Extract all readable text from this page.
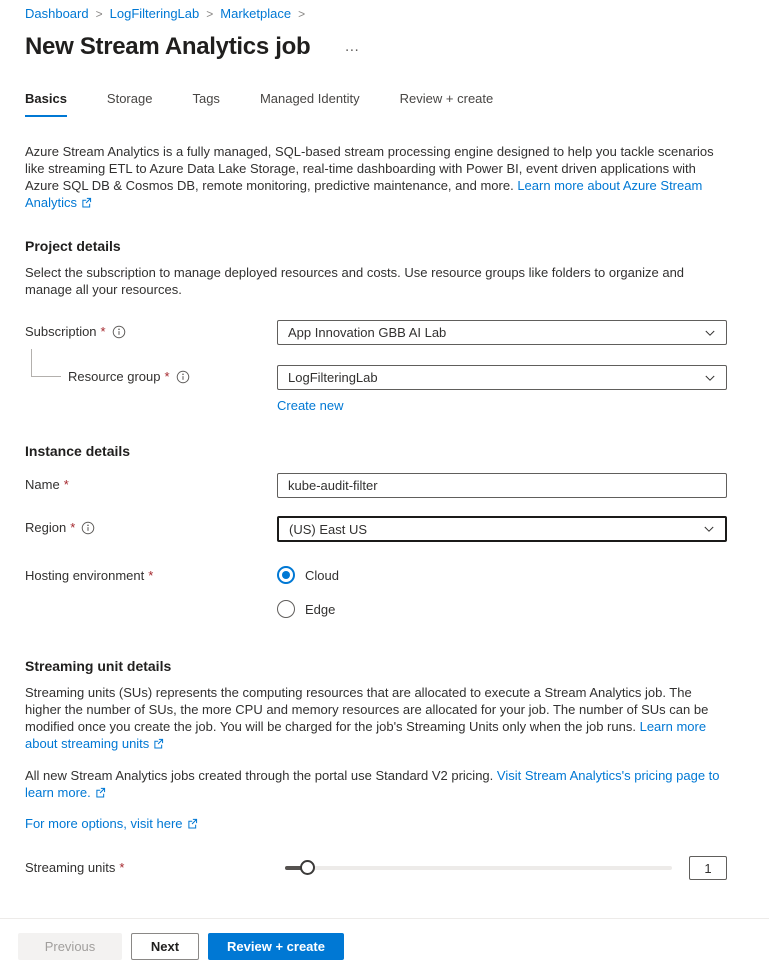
Dashboard > LogFilteringLab > Marketplace >
New Stream Analytics job …
Basics	Storage	Tags	Managed Identity	Review + create
Azure Stream Analytics is a fully managed, SQL-based stream processing engine designed to help you tackle scenarios like streaming ETL to Azure Data Lake Storage, real-time dashboarding with Power BI, event driven applications with Azure SQL DB & Cosmos DB, remote monitoring, predictive maintenance, and more. Learn more about Azure Stream Analytics
Project details
Select the subscription to manage deployed resources and costs. Use resource groups like folders to organize and manage all your resources.
Subscription *	App Innovation GBB AI Lab
Resource group *	LogFilteringLab
Create new
Instance details
Name *
kube-audit-filter
Region *	(US) East US
Hosting environment *	Cloud
Edge
Streaming unit details
Streaming units (SUs) represents the computing resources that are allocated to execute a Stream Analytics job. The higher the number of SUs, the more CPU and memory resources are allocated for your job. The number of SUs can be modified once you create the job. You will be charged for the job's Streaming Units only when the job runs. Learn more about streaming units
All new Stream Analytics jobs created through the portal use Standard V2 pricing. Visit Stream Analytics's pricing page to learn more.
For more options, visit here
Streaming units *
1
Previous	Next	Review + create
